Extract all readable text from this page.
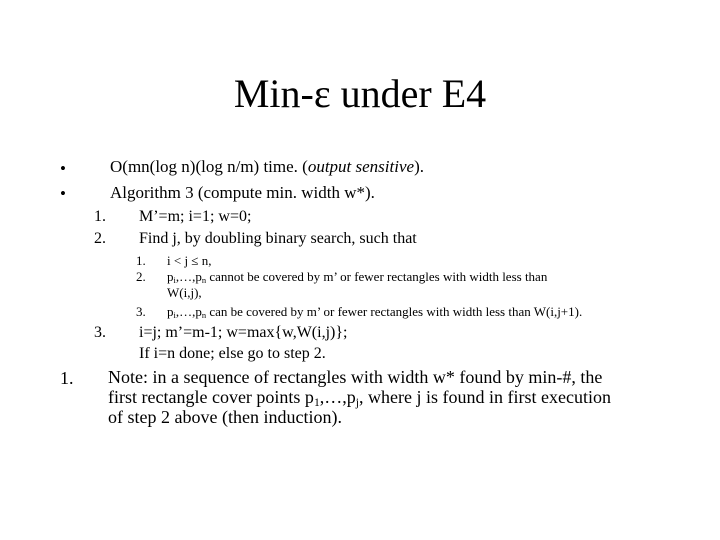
Min-ε under E4
•	O(mn(log n)(log n/m) time. (output sensitive).
•	Algorithm 3 (compute min. width w*).
1. M’=m; i=1; w=0;
2. Find j, by doubling binary search, such that
1. i < j ≤ n,
2. $p_i,\dots,p_n$ cannot be covered by m’ or fewer rectangles with width less than
W(i,j),
3. $p_i,\dots,p_n$ can be covered by m’ or fewer rectangles with width less than W(i,j+1).
3. i=j; m’=m-1; w=max{w,W(i,j)};
If i=n done; else go to step 2.
1. Note: in a sequence of rectangles with width w* found by min-#, the
first rectangle cover points $p_1,\dots,p_j$, where j is found in first execution
of step 2 above (then induction).
